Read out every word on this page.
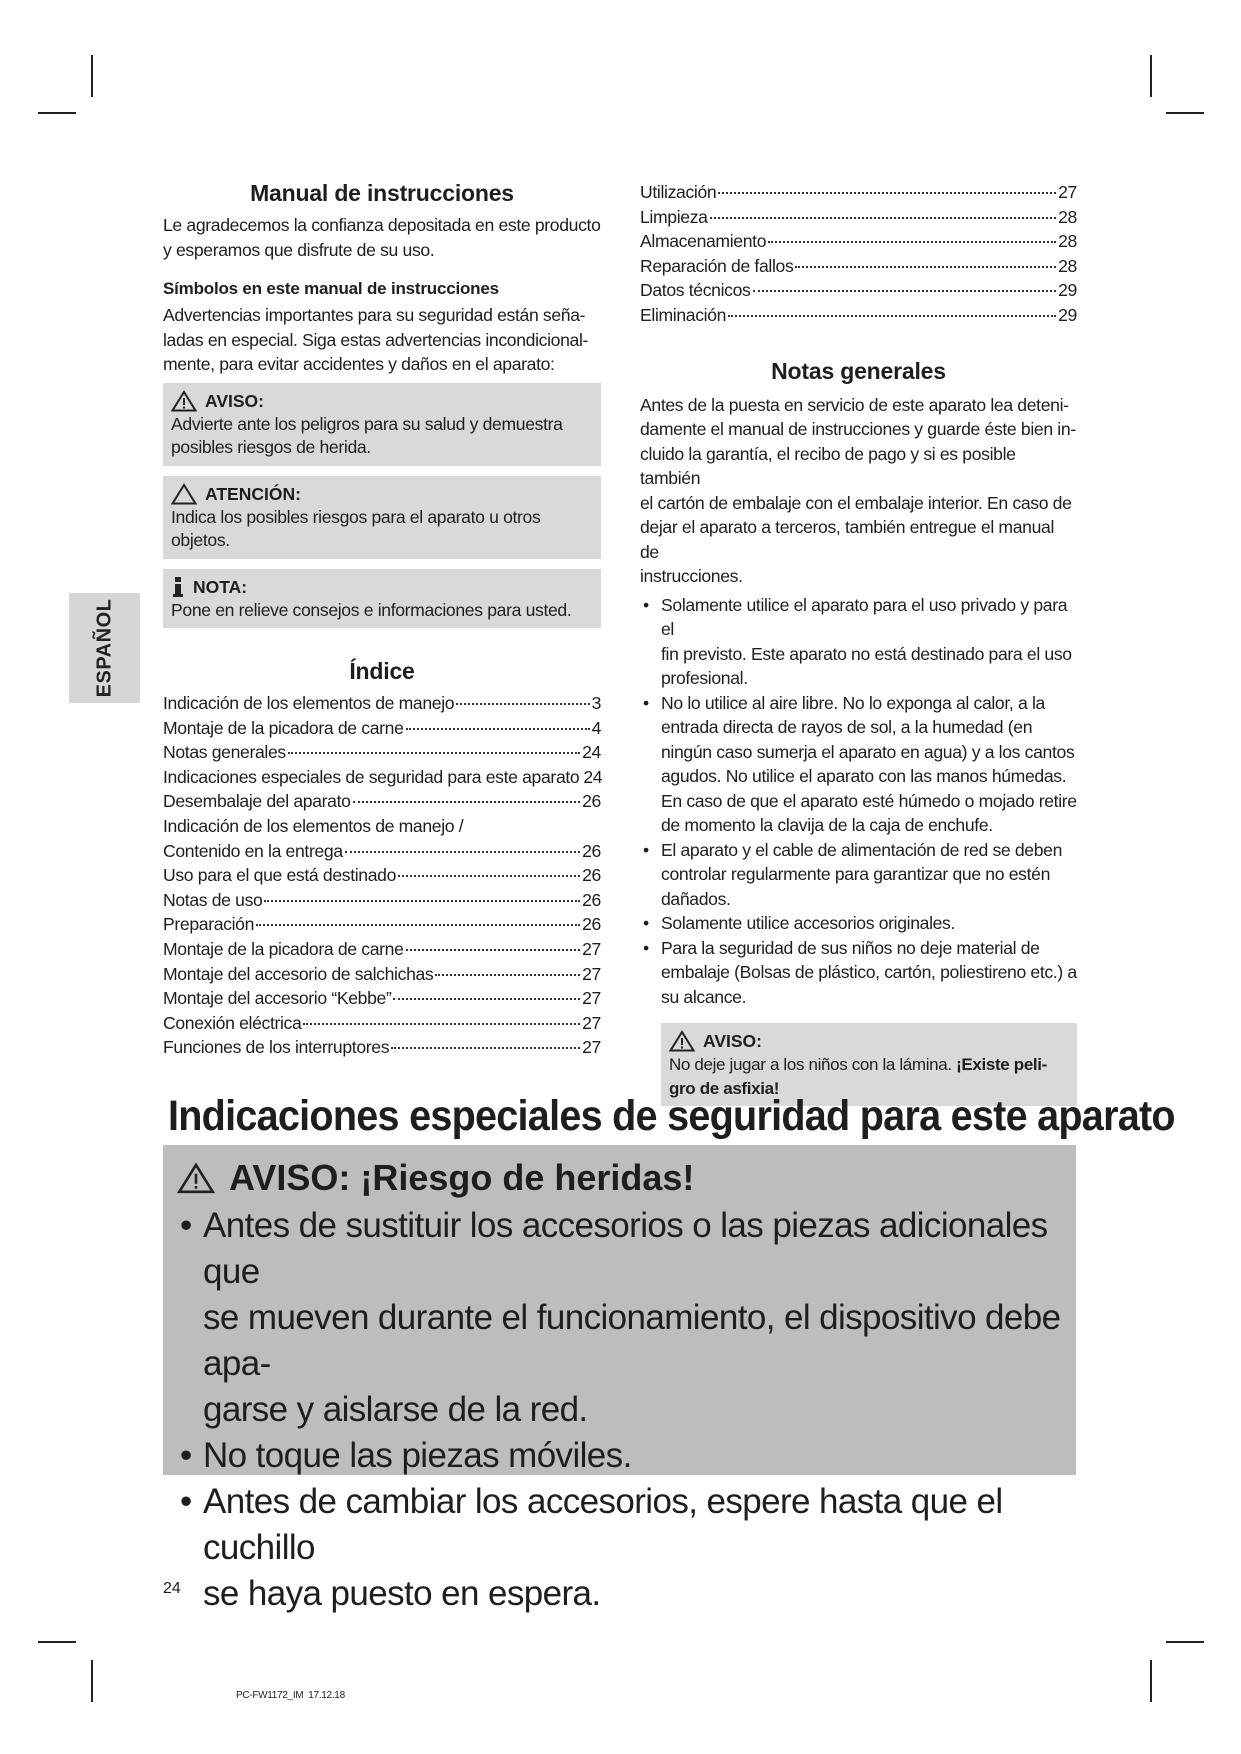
ESPAÑOL
Manual de instrucciones
Le agradecemos la confianza depositada en este producto
y esperamos que disfrute de su uso.
Símbolos en este manual de instrucciones
Advertencias importantes para su seguridad están seña-
ladas en especial. Siga estas advertencias incondicional-
mente, para evitar accidentes y daños en el aparato:
AVISO:
Advierte ante los peligros para su salud y demuestra
posibles riesgos de herida.
ATENCIÓN:
Indica los posibles riesgos para el aparato u otros objetos.
NOTA:
Pone en relieve consejos e informaciones para usted.
Índice
Indicación de los elementos de manejo	3
Montaje de la picadora de carne	4
Notas generales	24
Indicaciones especiales de seguridad para este aparato 24
Desembalaje del aparato	26
Indicación de los elementos de manejo /
Contenido en la entrega	26
Uso para el que está destinado	26
Notas de uso	26
Preparación	26
Montaje de la picadora de carne	27
Montaje del accesorio de salchichas	27
Montaje del accesorio “Kebbe”	27
Conexión eléctrica	27
Funciones de los interruptores	27
Utilización	27
Limpieza	28
Almacenamiento	28
Reparación de fallos	28
Datos técnicos	29
Eliminación	29
Notas generales
Antes de la puesta en servicio de este aparato lea deteni-
damente el manual de instrucciones y guarde éste bien in-
cluido la garantía, el recibo de pago y si es posible también
el cartón de embalaje con el embalaje interior. En caso de
dejar el aparato a terceros, también entregue el manual de
instrucciones.
• Solamente utilice el aparato para el uso privado y para el
fin previsto. Este aparato no está destinado para el uso
profesional.
• No lo utilice al aire libre. No lo exponga al calor, a la
entrada directa de rayos de sol, a la humedad (en
ningún caso sumerja el aparato en agua) y a los cantos
agudos. No utilice el aparato con las manos húmedas.
En caso de que el aparato esté húmedo o mojado retire
de momento la clavija de la caja de enchufe.
• El aparato y el cable de alimentación de red se deben
controlar regularmente para garantizar que no estén
dañados.
• Solamente utilice accesorios originales.
• Para la seguridad de sus niños no deje material de
embalaje (Bolsas de plástico, cartón, poliestireno etc.) a
su alcance.
AVISO:
No deje jugar a los niños con la lámina. ¡Existe peli-
gro de asfixia!
Indicaciones especiales de seguridad para este aparato
AVISO: ¡Riesgo de heridas!
• Antes de sustituir los accesorios o las piezas adicionales que
se mueven durante el funcionamiento, el dispositivo debe apa-
garse y aislarse de la red.
• No toque las piezas móviles.
• Antes de cambiar los accesorios, espere hasta que el cuchillo
se haya puesto en espera.
24
PC-FW1172_IM  17.12.18
